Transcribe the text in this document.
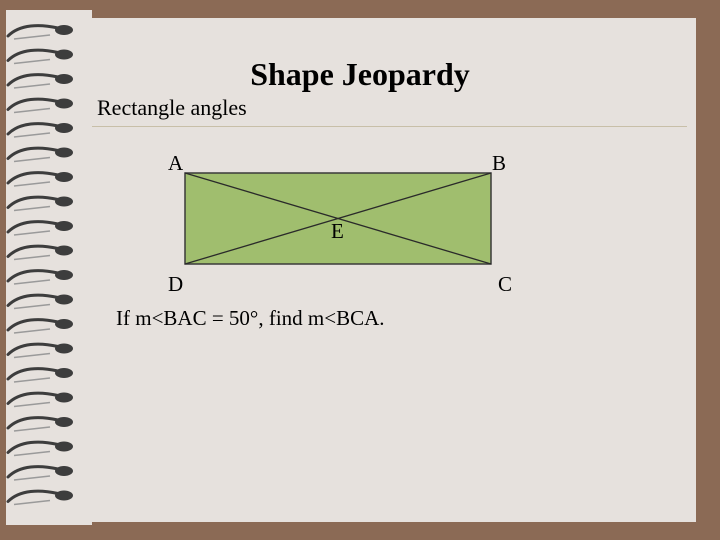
Shape Jeopardy
Rectangle angles
A	B
C
D
E
If m<BAC = 50°, find m<BCA.
